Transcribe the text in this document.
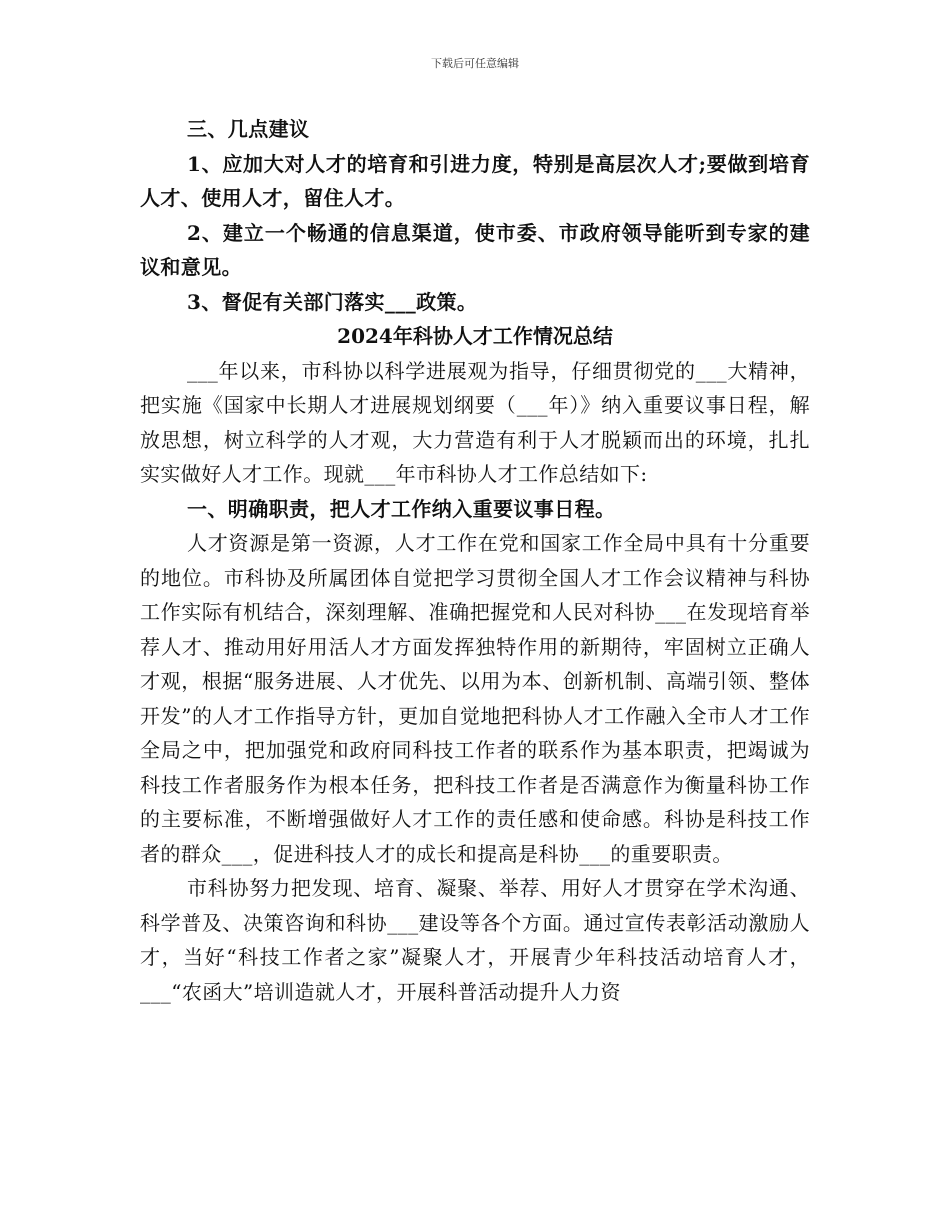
下载后可任意编辑

三、几点建议

1、应加大对人才的培育和引进力度，特别是高层次人才;要做到培育人才、使用人才，留住人才。

2、建立一个畅通的信息渠道，使市委、市政府领导能听到专家的建议和意见。

3、督促有关部门落实___政策。

2024年科协人才工作情况总结

___年以来，市科协以科学进展观为指导，仔细贯彻党的___大精神，把实施《国家中长期人才进展规划纲要（___年）》纳入重要议事日程，解放思想，树立科学的人才观，大力营造有利于人才脱颖而出的环境，扎扎实实做好人才工作。现就___年市科协人才工作总结如下:

一、明确职责，把人才工作纳入重要议事日程。

人才资源是第一资源，人才工作在党和国家工作全局中具有十分重要的地位。市科协及所属团体自觉把学习贯彻全国人才工作会议精神与科协工作实际有机结合，深刻理解、准确把握党和人民对科协___在发现培育举荐人才、推动用好用活人才方面发挥独特作用的新期待，牢固树立正确人才观，根据“服务进展、人才优先、以用为本、创新机制、高端引领、整体开发”的人才工作指导方针，更加自觉地把科协人才工作融入全市人才工作全局之中，把加强党和政府同科技工作者的联系作为基本职责，把竭诚为科技工作者服务作为根本任务，把科技工作者是否满意作为衡量科协工作的主要标准，不断增强做好人才工作的责任感和使命感。科协是科技工作者的群众___，促进科技人才的成长和提高是科协___的重要职责。

市科协努力把发现、培育、凝聚、举荐、用好人才贯穿在学术沟通、科学普及、决策咨询和科协___建设等各个方面。通过宣传表彰活动激励人才，当好“科技工作者之家”凝聚人才，开展青少年科技活动培育人才，___“农函大”培训造就人才，开展科普活动提升人力资
